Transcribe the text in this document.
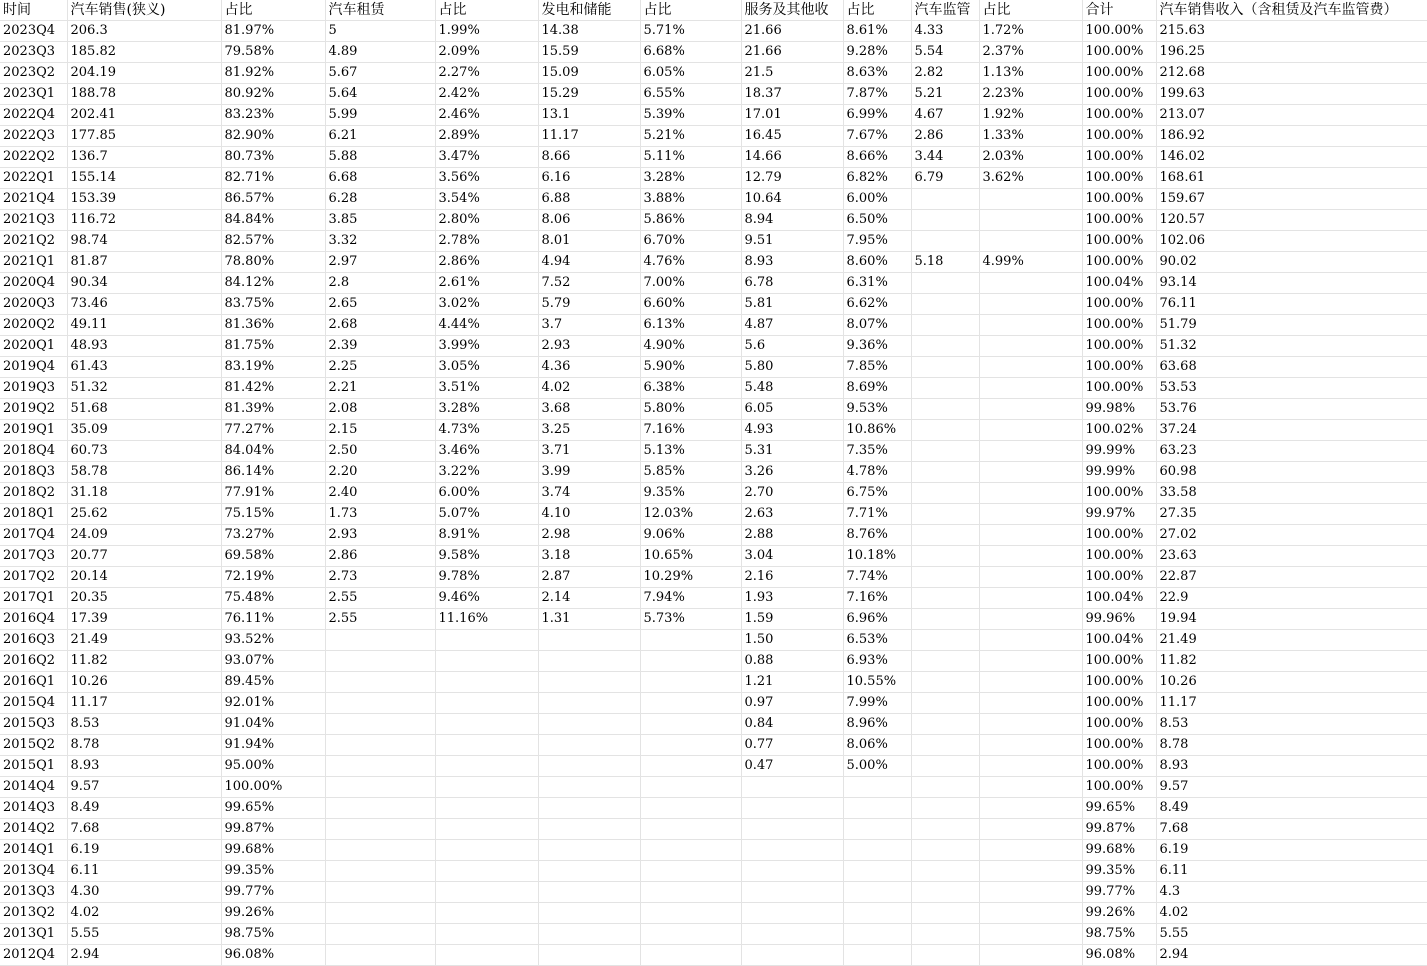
时间	汽车销售(狭义)	占比	汽车租赁	占比	发电和储能	占比	服务及其他收	占比	汽车监管	占比	合计	汽车销售收入（含租赁及汽车监管费）
2023Q4	206.3	81.97%	5	1.99%	14.38	5.71%	21.66	8.61%	4.33	1.72%	100.00%	215.63
2023Q3	185.82	79.58%	4.89	2.09%	15.59	6.68%	21.66	9.28%	5.54	2.37%	100.00%	196.25
2023Q2	204.19	81.92%	5.67	2.27%	15.09	6.05%	21.5	8.63%	2.82	1.13%	100.00%	212.68
2023Q1	188.78	80.92%	5.64	2.42%	15.29	6.55%	18.37	7.87%	5.21	2.23%	100.00%	199.63
2022Q4	202.41	83.23%	5.99	2.46%	13.1	5.39%	17.01	6.99%	4.67	1.92%	100.00%	213.07
2022Q3	177.85	82.90%	6.21	2.89%	11.17	5.21%	16.45	7.67%	2.86	1.33%	100.00%	186.92
2022Q2	136.7	80.73%	5.88	3.47%	8.66	5.11%	14.66	8.66%	3.44	2.03%	100.00%	146.02
2022Q1	155.14	82.71%	6.68	3.56%	6.16	3.28%	12.79	6.82%	6.79	3.62%	100.00%	168.61
2021Q4	153.39	86.57%	6.28	3.54%	6.88	3.88%	10.64	6.00%			100.00%	159.67
2021Q3	116.72	84.84%	3.85	2.80%	8.06	5.86%	8.94	6.50%			100.00%	120.57
2021Q2	98.74	82.57%	3.32	2.78%	8.01	6.70%	9.51	7.95%			100.00%	102.06
2021Q1	81.87	78.80%	2.97	2.86%	4.94	4.76%	8.93	8.60%	5.18	4.99%	100.00%	90.02
2020Q4	90.34	84.12%	2.8	2.61%	7.52	7.00%	6.78	6.31%			100.04%	93.14
2020Q3	73.46	83.75%	2.65	3.02%	5.79	6.60%	5.81	6.62%			100.00%	76.11
2020Q2	49.11	81.36%	2.68	4.44%	3.7	6.13%	4.87	8.07%			100.00%	51.79
2020Q1	48.93	81.75%	2.39	3.99%	2.93	4.90%	5.6	9.36%			100.00%	51.32
2019Q4	61.43	83.19%	2.25	3.05%	4.36	5.90%	5.80	7.85%			100.00%	63.68
2019Q3	51.32	81.42%	2.21	3.51%	4.02	6.38%	5.48	8.69%			100.00%	53.53
2019Q2	51.68	81.39%	2.08	3.28%	3.68	5.80%	6.05	9.53%			99.98%	53.76
2019Q1	35.09	77.27%	2.15	4.73%	3.25	7.16%	4.93	10.86%			100.02%	37.24
2018Q4	60.73	84.04%	2.50	3.46%	3.71	5.13%	5.31	7.35%			99.99%	63.23
2018Q3	58.78	86.14%	2.20	3.22%	3.99	5.85%	3.26	4.78%			99.99%	60.98
2018Q2	31.18	77.91%	2.40	6.00%	3.74	9.35%	2.70	6.75%			100.00%	33.58
2018Q1	25.62	75.15%	1.73	5.07%	4.10	12.03%	2.63	7.71%			99.97%	27.35
2017Q4	24.09	73.27%	2.93	8.91%	2.98	9.06%	2.88	8.76%			100.00%	27.02
2017Q3	20.77	69.58%	2.86	9.58%	3.18	10.65%	3.04	10.18%			100.00%	23.63
2017Q2	20.14	72.19%	2.73	9.78%	2.87	10.29%	2.16	7.74%			100.00%	22.87
2017Q1	20.35	75.48%	2.55	9.46%	2.14	7.94%	1.93	7.16%			100.04%	22.9
2016Q4	17.39	76.11%	2.55	11.16%	1.31	5.73%	1.59	6.96%			99.96%	19.94
2016Q3	21.49	93.52%					1.50	6.53%			100.04%	21.49
2016Q2	11.82	93.07%					0.88	6.93%			100.00%	11.82
2016Q1	10.26	89.45%					1.21	10.55%			100.00%	10.26
2015Q4	11.17	92.01%					0.97	7.99%			100.00%	11.17
2015Q3	8.53	91.04%					0.84	8.96%			100.00%	8.53
2015Q2	8.78	91.94%					0.77	8.06%			100.00%	8.78
2015Q1	8.93	95.00%					0.47	5.00%			100.00%	8.93
2014Q4	9.57	100.00%									100.00%	9.57
2014Q3	8.49	99.65%									99.65%	8.49
2014Q2	7.68	99.87%									99.87%	7.68
2014Q1	6.19	99.68%									99.68%	6.19
2013Q4	6.11	99.35%									99.35%	6.11
2013Q3	4.30	99.77%									99.77%	4.3
2013Q2	4.02	99.26%									99.26%	4.02
2013Q1	5.55	98.75%									98.75%	5.55
2012Q4	2.94	96.08%									96.08%	2.94
